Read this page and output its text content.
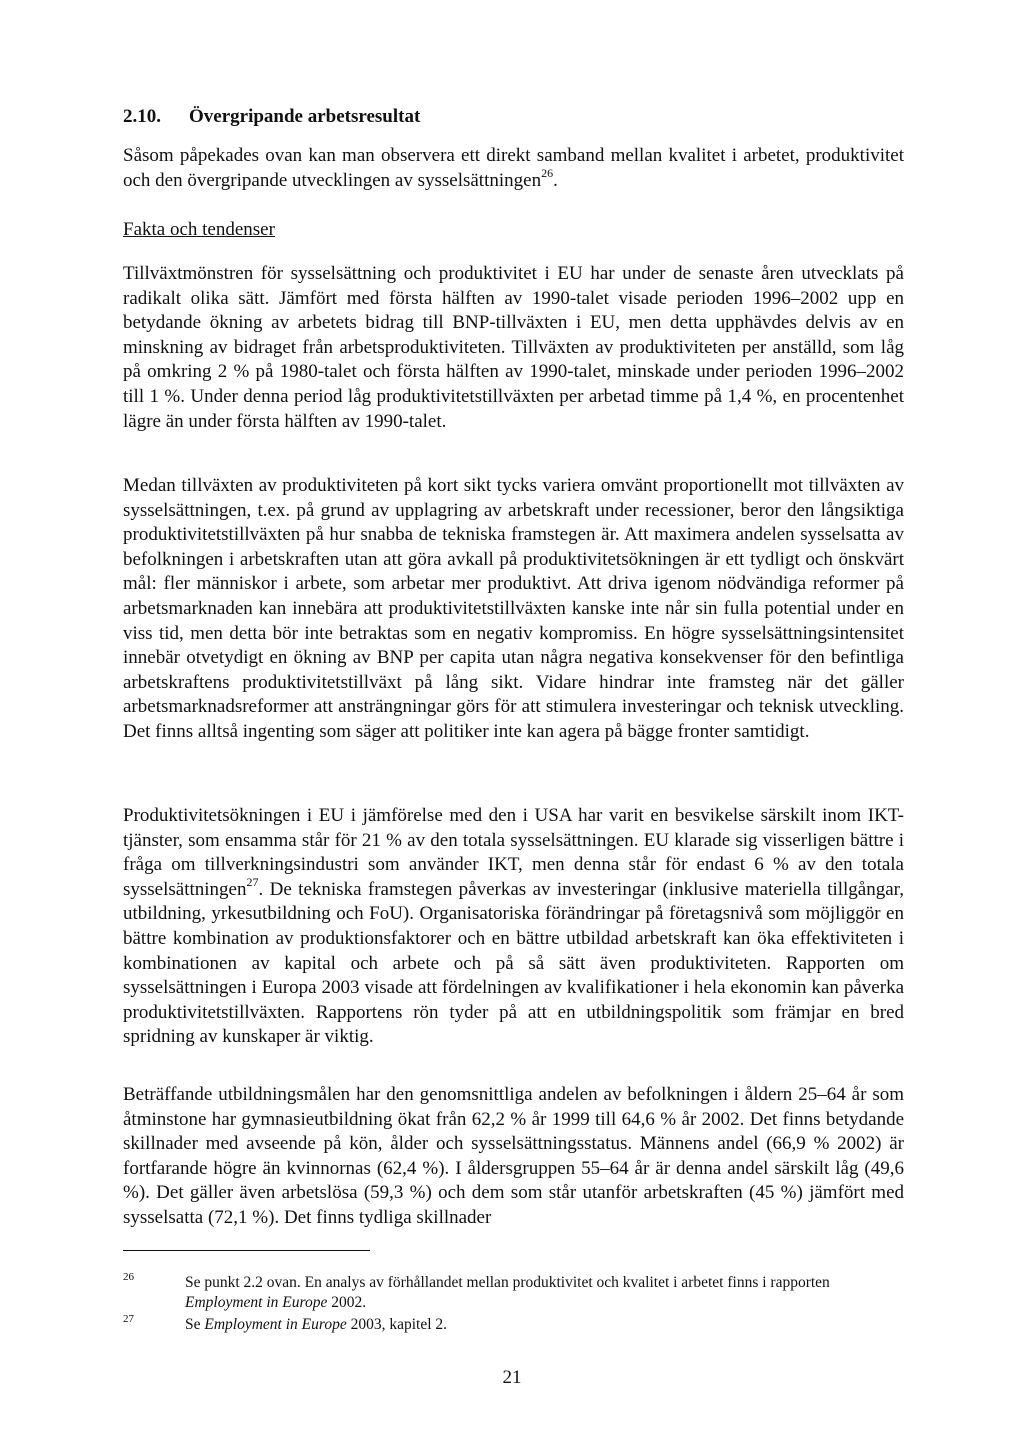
2.10. Övergripande arbetsresultat

Såsom påpekades ovan kan man observera ett direkt samband mellan kvalitet i arbetet, produktivitet och den övergripande utvecklingen av sysselsättningen$^{26}$.

Fakta och tendenser

Tillväxtmönstren för sysselsättning och produktivitet i EU har under de senaste åren utvecklats på radikalt olika sätt. Jämfört med första hälften av 1990-talet visade perioden 1996–2002 upp en betydande ökning av arbetets bidrag till BNP-tillväxten i EU, men detta upphävdes delvis av en minskning av bidraget från arbetsproduktiviteten. Tillväxten av produktiviteten per anställd, som låg på omkring 2 % på 1980-talet och första hälften av 1990-talet, minskade under perioden 1996–2002 till 1 %. Under denna period låg produktivitetstillväxten per arbetad timme på 1,4 %, en procentenhet lägre än under första hälften av 1990-talet.

Medan tillväxten av produktiviteten på kort sikt tycks variera omvänt proportionellt mot tillväxten av sysselsättningen, t.ex. på grund av upplagring av arbetskraft under recessioner, beror den långsiktiga produktivitetstillväxten på hur snabba de tekniska framstegen är. Att maximera andelen sysselsatta av befolkningen i arbetskraften utan att göra avkall på produktivitetsökningen är ett tydligt och önskvärt mål: fler människor i arbete, som arbetar mer produktivt. Att driva igenom nödvändiga reformer på arbetsmarknaden kan innebära att produktivitetstillväxten kanske inte når sin fulla potential under en viss tid, men detta bör inte betraktas som en negativ kompromiss. En högre sysselsättningsintensitet innebär otvetydigt en ökning av BNP per capita utan några negativa konsekvenser för den befintliga arbetskraftens produktivitetstillväxt på lång sikt. Vidare hindrar inte framsteg när det gäller arbetsmarknadsreformer att ansträngningar görs för att stimulera investeringar och teknisk utveckling. Det finns alltså ingenting som säger att politiker inte kan agera på bägge fronter samtidigt.

Produktivitetsökningen i EU i jämförelse med den i USA har varit en besvikelse särskilt inom IKT-tjänster, som ensamma står för 21 % av den totala sysselsättningen. EU klarade sig visserligen bättre i fråga om tillverkningsindustri som använder IKT, men denna står för endast 6 % av den totala sysselsättningen$^{27}$. De tekniska framstegen påverkas av investeringar (inklusive materiella tillgångar, utbildning, yrkesutbildning och FoU). Organisatoriska förändringar på företagsnivå som möjliggör en bättre kombination av produktionsfaktorer och en bättre utbildad arbetskraft kan öka effektiviteten i kombinationen av kapital och arbete och på så sätt även produktiviteten. Rapporten om sysselsättningen i Europa 2003 visade att fördelningen av kvalifikationer i hela ekonomin kan påverka produktivitetstillväxten. Rapportens rön tyder på att en utbildningspolitik som främjar en bred spridning av kunskaper är viktig.

Beträffande utbildningsmålen har den genomsnittliga andelen av befolkningen i åldern 25–64 år som åtminstone har gymnasieutbildning ökat från 62,2 % år 1999 till 64,6 % år 2002. Det finns betydande skillnader med avseende på kön, ålder och sysselsättningsstatus. Männens andel (66,9 % 2002) är fortfarande högre än kvinnornas (62,4 %). I åldersgruppen 55–64 år är denna andel särskilt låg (49,6 %). Det gäller även arbetslösa (59,3 %) och dem som står utanför arbetskraften (45 %) jämfört med sysselsatta (72,1 %). Det finns tydliga skillnader

26	Se punkt 2.2 ovan. En analys av förhållandet mellan produktivitet och kvalitet i arbetet finns i rapporten
Employment in Europe 2002.
27	Se Employment in Europe 2003, kapitel 2.
21
